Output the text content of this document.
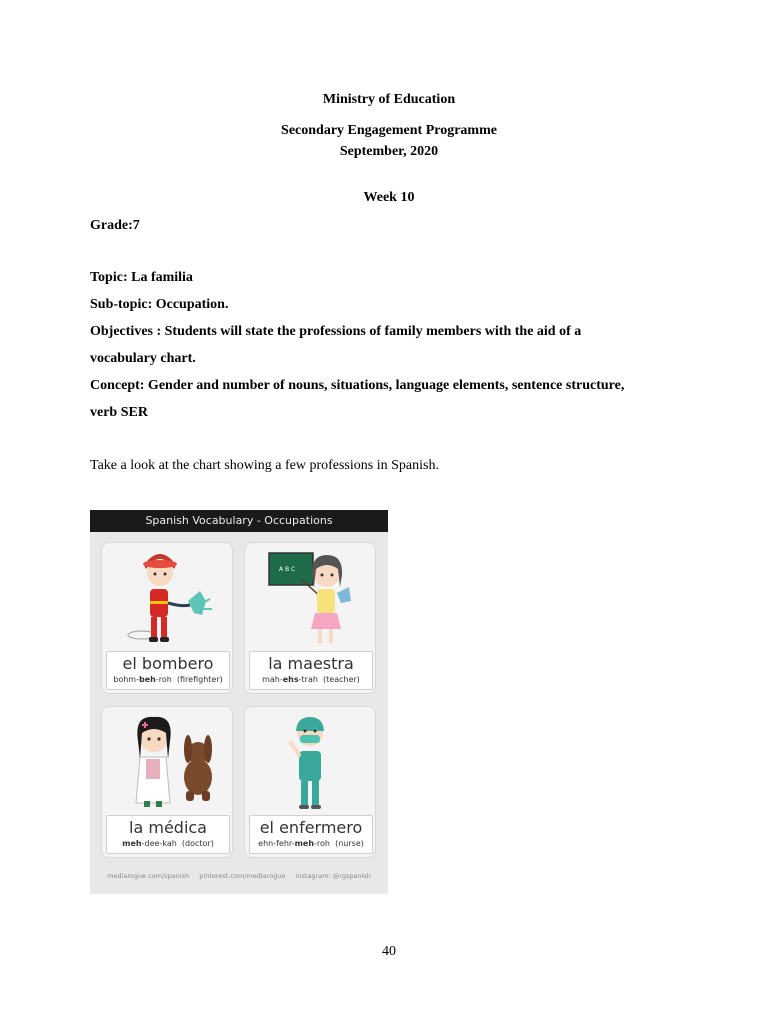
Ministry of Education
Secondary Engagement Programme
September, 2020
Week 10
Grade:7
Topic: La familia
Sub-topic: Occupation.
Objectives : Students will state the professions of family members with the aid of a
vocabulary chart.
Concept: Gender and number of nouns, situations, language elements, sentence structure,
verb SER
Take a look at the chart showing a few professions in Spanish.
Spanish Vocabulary - Occupations
el bombero
bohm-beh-roh (firefighter)
A B C
la maestra
mah-ehs-trah (teacher)
la médica
meh-dee-kah (doctor)
el enfermero
ehn-fehr-meh-roh (nurse)
mediarogue.com/spanish pinterest.com/mediarogue instagram: @rgspanish
40
